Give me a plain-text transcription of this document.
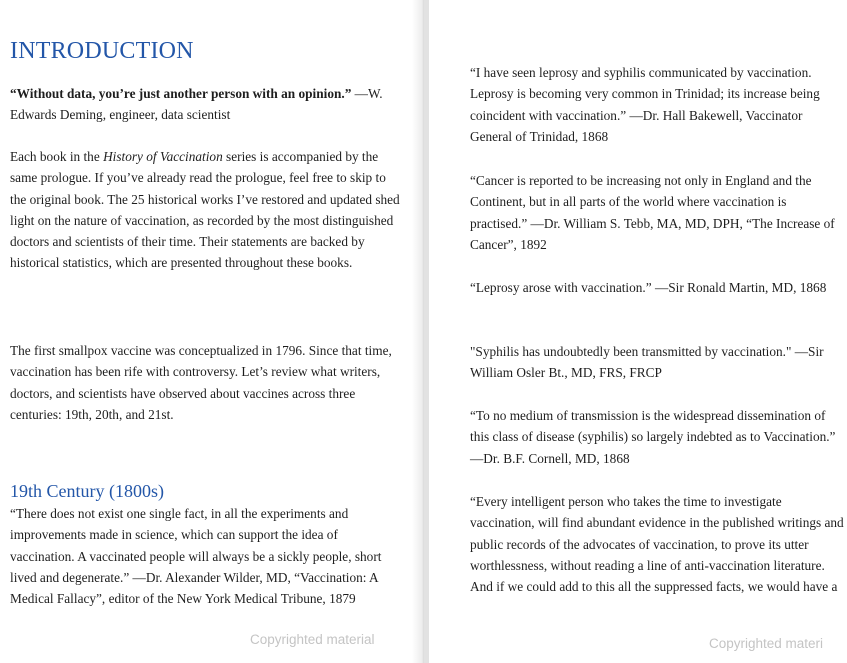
INTRODUCTION

“Without data, you’re just another person with an opinion.” —W. Edwards Deming, engineer, data scientist

Each book in the History of Vaccination series is accompanied by the same prologue. If you’ve already read the prologue, feel free to skip to the original book. The 25 historical works I’ve restored and updated shed light on the nature of vaccination, as recorded by the most distinguished doctors and scientists of their time. Their statements are backed by historical statistics, which are presented throughout these books.

The first smallpox vaccine was conceptualized in 1796. Since that time, vaccination has been rife with controversy. Let’s review what writers, doctors, and scientists have observed about vaccines across three centuries: 19th, 20th, and 21st.

19th Century (1800s)

“There does not exist one single fact, in all the experiments and improvements made in science, which can support the idea of vaccination. A vaccinated people will always be a sickly people, short lived and degenerate.” —Dr. Alexander Wilder, MD, “Vaccination: A Medical Fallacy”, editor of the New York Medical Tribune, 1879

Copyrighted material

“I have seen leprosy and syphilis communicated by vaccination. Leprosy is becoming very common in Trinidad; its increase being coincident with vaccination.” —Dr. Hall Bakewell, Vaccinator General of Trinidad, 1868

“Cancer is reported to be increasing not only in England and the Continent, but in all parts of the world where vaccination is practised.” —Dr. William S. Tebb, MA, MD, DPH, “The Increase of Cancer”, 1892

“Leprosy arose with vaccination.” —Sir Ronald Martin, MD, 1868

"Syphilis has undoubtedly been transmitted by vaccination." —Sir William Osler Bt., MD, FRS, FRCP

“To no medium of transmission is the widespread dissemination of this class of disease (syphilis) so largely indebted as to Vaccination.” —Dr. B.F. Cornell, MD, 1868

“Every intelligent person who takes the time to investigate vaccination, will find abundant evidence in the published writings and public records of the advocates of vaccination, to prove its utter worthlessness, without reading a line of anti-vaccination literature. And if we could add to this all the suppressed facts, we would have a

Copyrighted materi
